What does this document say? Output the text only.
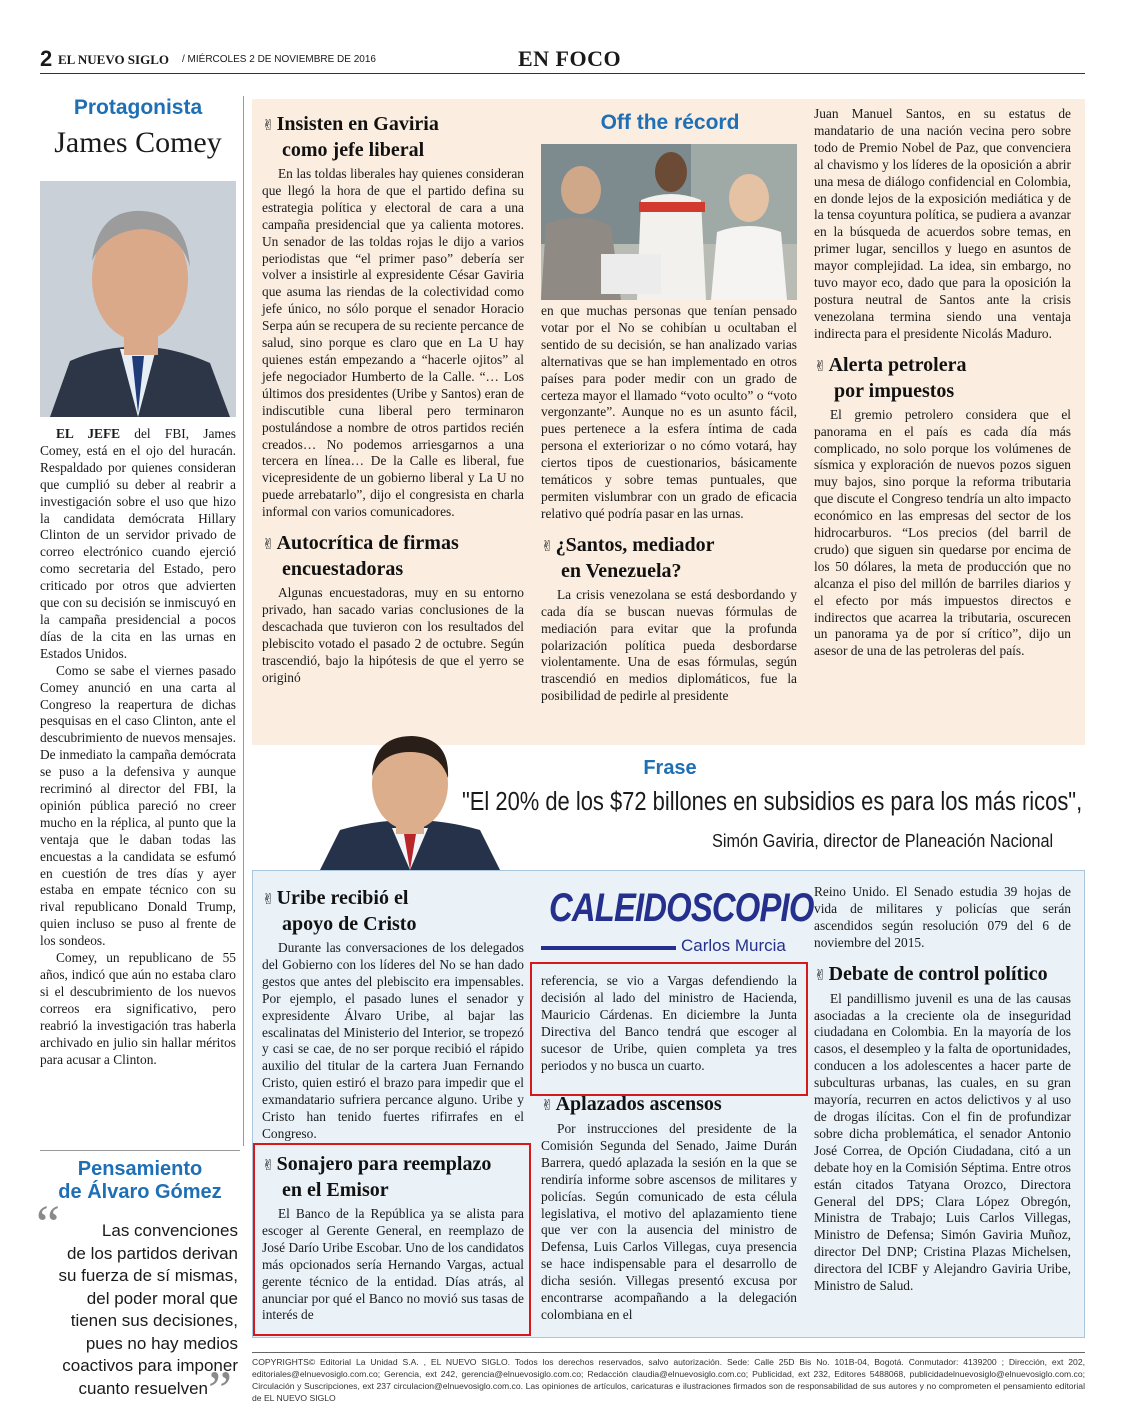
2 EL NUEVO SIGLO / MIÉRCOLES 2 DE NOVIEMBRE DE 2016	EN FOCO
Protagonista
James Comey

EL JEFE del FBI, James Comey, está en el ojo del huracán. Respaldado por quienes consideran que cumplió su deber al reabrir a investigación sobre el uso que hizo la candidata demócrata Hillary Clinton de un servidor privado de correo electrónico cuando ejerció como secretaria del Estado, pero criticado por otros que advierten que con su decisión se inmiscuyó en la campaña presidencial a pocos días de la cita en las urnas en Estados Unidos.

Como se sabe el viernes pasado Comey anunció en una carta al Congreso la reapertura de dichas pesquisas en el caso Clinton, ante el descubrimiento de nuevos mensajes. De inmediato la campaña demócrata se puso a la defensiva y aunque recriminó al director del FBI, la opinión pública pareció no creer mucho en la réplica, al punto que la ventaja que le daban todas las encuestas a la candidata se esfumó en cuestión de tres días y ayer estaba en empate técnico con su rival republicano Donald Trump, quien incluso se puso al frente de los sondeos.

Comey, un republicano de 55 años, indicó que aún no estaba claro si el descubrimiento de los nuevos correos era significativo, pero reabrió la investigación tras haberla archivado en julio sin hallar méritos para acusar a Clinton.

Pensamiento
de Álvaro Gómez
“	Las convenciones
de los partidos derivan
su fuerza de sí mismas,
del poder moral que
tienen sus decisiones,
pues no hay medios
coactivos para imponer
cuanto resuelven ”
Off the récord
✌ Insisten en Gaviria
como jefe liberal

En las toldas liberales hay quienes consideran que llegó la hora de que el partido defina su estrategia política y electoral de cara a una campaña presidencial que ya calienta motores. Un senador de las toldas rojas le dijo a varios periodistas que “el primer paso” debería ser volver a insistirle al expresidente César Gaviria que asuma las riendas de la colectividad como jefe único, no sólo porque el senador Horacio Serpa aún se recupera de su reciente percance de salud, sino porque es claro que en La U hay quienes están empezando a “hacerle ojitos” al jefe negociador Humberto de la Calle. “… Los últimos dos presidentes (Uribe y Santos) eran de indiscutible cuna liberal pero terminaron postulándose a nombre de otros partidos recién creados… No podemos arriesgarnos a una tercera en línea… De la Calle es liberal, fue vicepresidente de un gobierno liberal y La U no puede arrebatarlo”, dijo el congresista en charla informal con varios comunicadores.

✌ Autocrítica de firmas
encuestadoras

Algunas encuestadoras, muy en su entorno privado, han sacado varias conclusiones de la descachada que tuvieron con los resultados del plebiscito votado el pasado 2 de octubre. Según trascendió, bajo la hipótesis de que el yerro se originó

en que muchas personas que tenían pensado votar por el No se cohibían u ocultaban el sentido de su decisión, se han analizado varias alternativas que se han implementado en otros países para poder medir con un grado de certeza mayor el llamado “voto oculto” o “voto vergonzante”. Aunque no es un asunto fácil, pues pertenece a la esfera íntima de cada persona el exteriorizar o no cómo votará, hay ciertos tipos de cuestionarios, básicamente temáticos y sobre temas puntuales, que permiten vislumbrar con un grado de eficacia relativo qué podría pasar en las urnas.

✌ ¿Santos, mediador
en Venezuela?

La crisis venezolana se está desbordando y cada día se buscan nuevas fórmulas de mediación para evitar que la profunda polarización política pueda desbordarse violentamente. Una de esas fórmulas, según trascendió en medios diplomáticos, fue la posibilidad de pedirle al presidente

Juan Manuel Santos, en su estatus de mandatario de una nación vecina pero sobre todo de Premio Nobel de Paz, que convenciera al chavismo y los líderes de la oposición a abrir una mesa de diálogo confidencial en Colombia, en donde lejos de la exposición mediática y de la tensa coyuntura política, se pudiera a avanzar en la búsqueda de acuerdos sobre temas, en primer lugar, sencillos y luego en asuntos de mayor complejidad. La idea, sin embargo, no tuvo mayor eco, dado que para la oposición la postura neutral de Santos ante la crisis venezolana termina siendo una ventaja indirecta para el presidente Nicolás Maduro.

✌ Alerta petrolera
por impuestos

El gremio petrolero considera que el panorama en el país es cada día más complicado, no solo porque los volúmenes de sísmica y exploración de nuevos pozos siguen muy bajos, sino porque la reforma tributaria que discute el Congreso tendría un alto impacto económico en las empresas del sector de los hidrocarburos. “Los precios (del barril de crudo) que siguen sin quedarse por encima de los 50 dólares, la meta de producción que no alcanza el piso del millón de barriles diarios y el efecto por más impuestos directos e indirectos que acarrea la tributaria, oscurecen un panorama ya de por sí crítico”, dijo un asesor de una de las petroleras del país.

Frase
"El 20% de los $72 billones en subsidios es para los más ricos",
Simón Gaviria, director de Planeación Nacional
CALEIDOSCOPIO
Carlos Murcia
✌ Uribe recibió el
apoyo de Cristo

Durante las conversaciones de los delegados del Gobierno con los líderes del No se han dado gestos que antes del plebiscito era impensables. Por ejemplo, el pasado lunes el senador y expresidente Álvaro Uribe, al bajar las escalinatas del Ministerio del Interior, se tropezó y casi se cae, de no ser porque recibió el rápido auxilio del titular de la cartera Juan Fernando Cristo, quien estiró el brazo para impedir que el exmandatario sufriera percance alguno. Uribe y Cristo han tenido fuertes rifirrafes en el Congreso.

✌ Sonajero para reemplazo
en el Emisor

El Banco de la República ya se alista para escoger al Gerente General, en reemplazo de José Darío Uribe Escobar. Uno de los candidatos más opcionados sería Hernando Vargas, actual gerente técnico de la entidad. Días atrás, al anunciar por qué el Banco no movió sus tasas de interés de

referencia, se vio a Vargas defendiendo la decisión al lado del ministro de Hacienda, Mauricio Cárdenas. En diciembre la Junta Directiva del Banco tendrá que escoger al sucesor de Uribe, quien completa ya tres periodos y no busca un cuarto.

✌ Aplazados ascensos

Por instrucciones del presidente de la Comisión Segunda del Senado, Jaime Durán Barrera, quedó aplazada la sesión en la que se rendiría informe sobre ascensos de militares y policías. Según comunicado de esta célula legislativa, el motivo del aplazamiento tiene que ver con la ausencia del ministro de Defensa, Luis Carlos Villegas, cuya presencia se hace indispensable para el desarrollo de dicha sesión. Villegas presentó excusa por encontrarse acompañando a la delegación colombiana en el

Reino Unido. El Senado estudia 39 hojas de vida de militares y policías que serán ascendidos según resolución 079 del 6 de noviembre del 2015.

✌ Debate de control político

El pandillismo juvenil es una de las causas asociadas a la creciente ola de inseguridad ciudadana en Colombia. En la mayoría de los casos, el desempleo y la falta de oportunidades, conducen a los adolescentes a hacer parte de subculturas urbanas, las cuales, en su gran mayoría, recurren en actos delictivos y al uso de drogas ilícitas. Con el fin de profundizar sobre dicha problemática, el senador Antonio José Correa, de Opción Ciudadana, citó a un debate hoy en la Comisión Séptima. Entre otros están citados Tatyana Orozco, Directora General del DPS; Clara López Obregón, Ministra de Trabajo; Luis Carlos Villegas, Ministro de Defensa; Simón Gaviria Muñoz, director Del DNP; Cristina Plazas Michelsen, directora del ICBF y Alejandro Gaviria Uribe, Ministro de Salud.

COPYRIGHTS© Editorial La Unidad S.A. , EL NUEVO SIGLO. Todos los derechos reservados, salvo autorización. Sede: Calle 25D Bis No. 101B-04, Bogotá. Conmutador: 4139200 ; Dirección, ext 202, editoriales@elnuevosiglo.com.co; Gerencia, ext 242, gerencia@elnuevosiglo.com.co; Redacción claudia@elnuevosiglo.com.co; Publicidad, ext 232, Editores 5488068, publicidadelnuevosiglo@elnuevosiglo.com.co; Circulación y Suscripciones, ext 237 circulacion@elnuevosiglo.com.co. Las opiniones de artículos, caricaturas e ilustraciones firmados son de responsabilidad de sus autores y no comprometen el pensamiento editorial de EL NUEVO SIGLO
